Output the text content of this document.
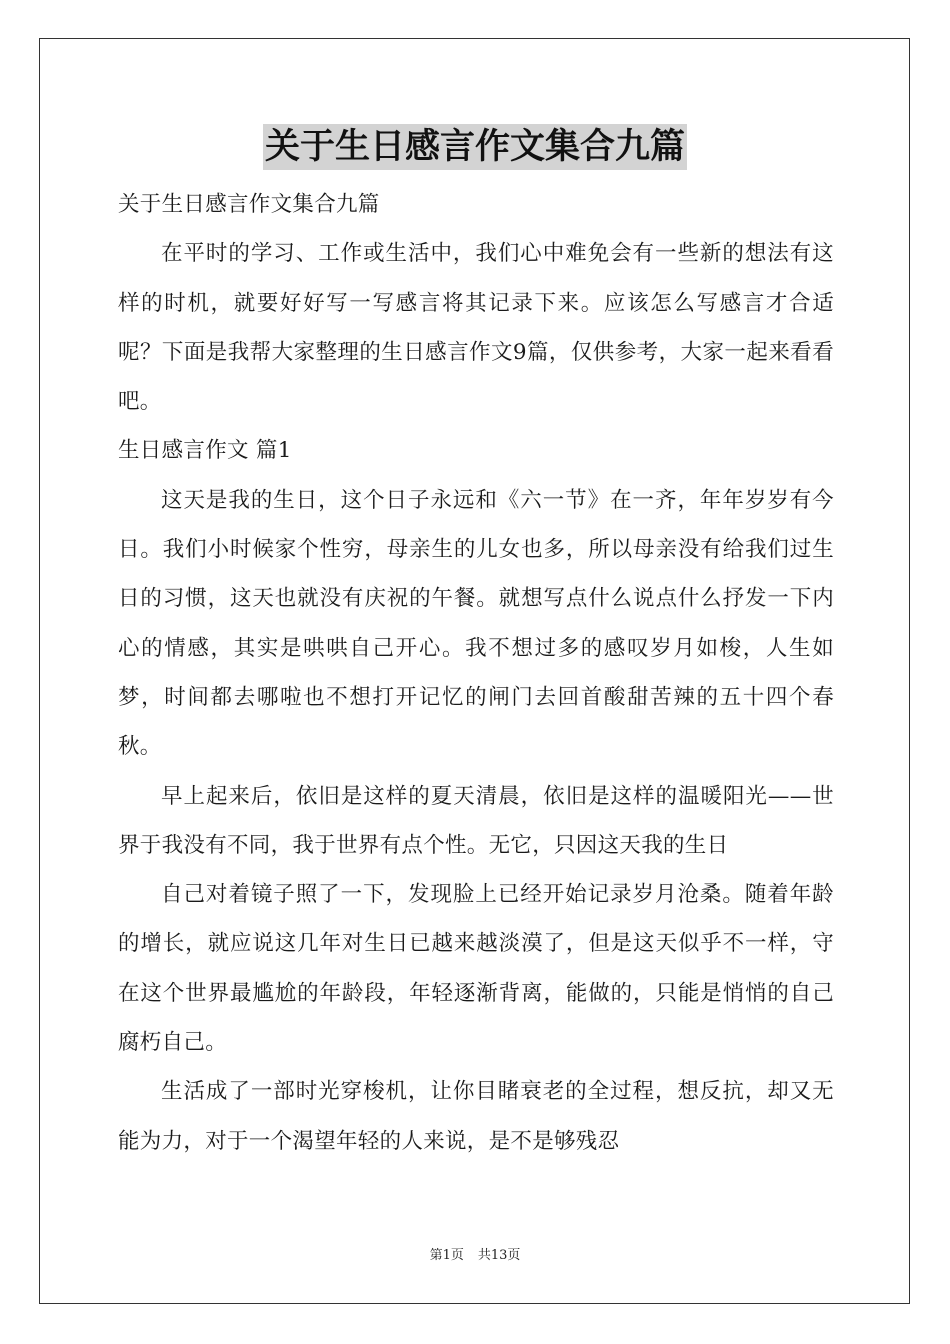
关于生日感言作文集合九篇

关于生日感言作文集合九篇

在平时的学习、工作或生活中，我们心中难免会有一些新的想法有这样的时机，就要好好写一写感言将其记录下来。应该怎么写感言才合适呢？下面是我帮大家整理的生日感言作文9篇，仅供参考，大家一起来看看吧。

生日感言作文 篇1

这天是我的生日，这个日子永远和《六一节》在一齐，年年岁岁有今日。我们小时候家个性穷，母亲生的儿女也多，所以母亲没有给我们过生日的习惯，这天也就没有庆祝的午餐。就想写点什么说点什么抒发一下内心的情感，其实是哄哄自己开心。我不想过多的感叹岁月如梭，人生如梦，时间都去哪啦也不想打开记忆的闸门去回首酸甜苦辣的五十四个春秋。

早上起来后，依旧是这样的夏天清晨，依旧是这样的温暖阳光——世界于我没有不同，我于世界有点个性。无它，只因这天我的生日

自己对着镜子照了一下，发现脸上已经开始记录岁月沧桑。随着年龄的增长，就应说这几年对生日已越来越淡漠了，但是这天似乎不一样，守在这个世界最尴尬的年龄段，年轻逐渐背离，能做的，只能是悄悄的自己腐朽自己。

生活成了一部时光穿梭机，让你目睹衰老的全过程，想反抗，却又无能为力，对于一个渴望年轻的人来说，是不是够残忍

第1页 共13页
